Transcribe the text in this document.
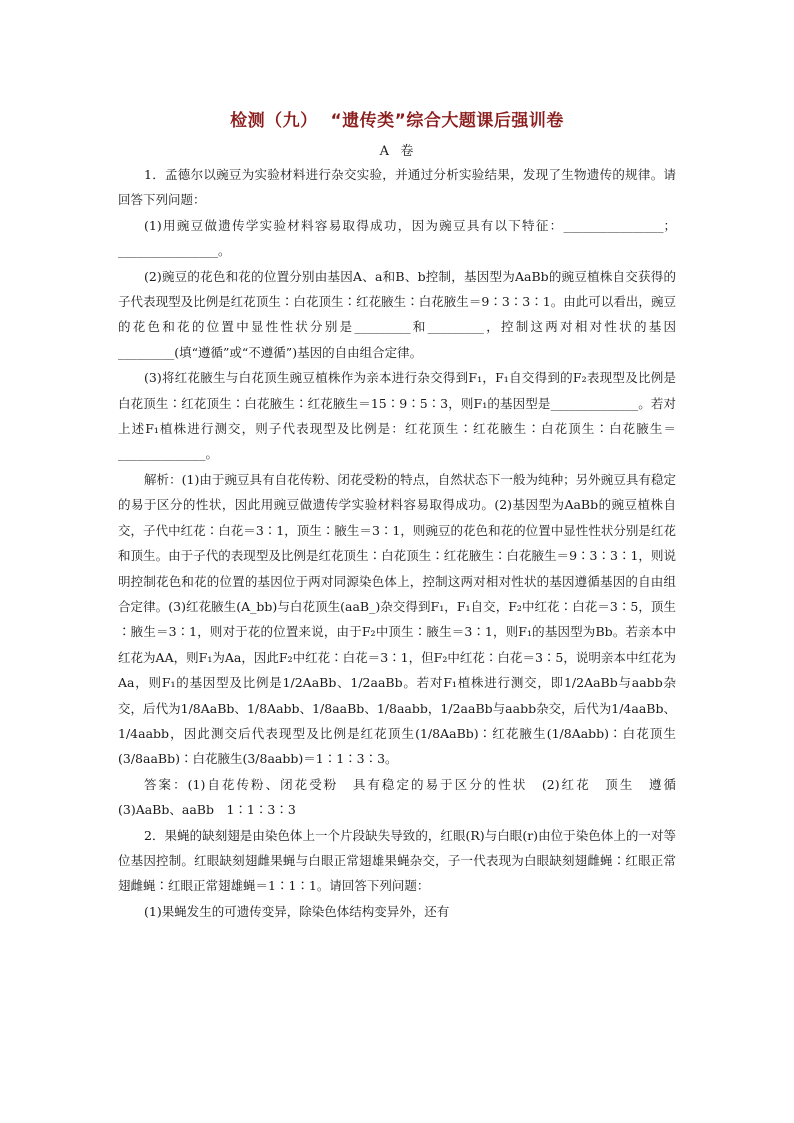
检测（九）  “遗传类”综合大题课后强训卷
A  卷

1．孟德尔以豌豆为实验材料进行杂交实验，并通过分析实验结果，发现了生物遗传的规律。请回答下列问题：

(1)用豌豆做遗传学实验材料容易取得成功，因为豌豆具有以下特征：________________；________________。

(2)豌豆的花色和花的位置分别由基因A、a和B、b控制，基因型为AaBb的豌豆植株自交获得的子代表现型及比例是红花顶生∶白花顶生∶红花腋生∶白花腋生＝9∶3∶3∶1。由此可以看出，豌豆的花色和花的位置中显性性状分别是_________和_________，控制这两对相对性状的基因_________(填“遵循”或“不遵循”)基因的自由组合定律。

(3)将红花腋生与白花顶生豌豆植株作为亲本进行杂交得到F₁，F₁自交得到的F₂表现型及比例是白花顶生∶红花顶生∶白花腋生∶红花腋生＝15∶9∶5∶3，则F₁的基因型是______________。若对上述F₁植株进行测交，则子代表现型及比例是：红花顶生∶红花腋生∶白花顶生∶白花腋生＝______________。

解析：(1)由于豌豆具有自花传粉、闭花受粉的特点，自然状态下一般为纯种；另外豌豆具有稳定的易于区分的性状，因此用豌豆做遗传学实验材料容易取得成功。(2)基因型为AaBb的豌豆植株自交，子代中红花∶白花＝3∶1，顶生∶腋生＝3∶1，则豌豆的花色和花的位置中显性性状分别是红花和顶生。由于子代的表现型及比例是红花顶生∶白花顶生∶红花腋生∶白花腋生＝9∶3∶3∶1，则说明控制花色和花的位置的基因位于两对同源染色体上，控制这两对相对性状的基因遵循基因的自由组合定律。(3)红花腋生(A_bb)与白花顶生(aaB_)杂交得到F₁，F₁自交，F₂中红花∶白花＝3∶5，顶生∶腋生＝3∶1，则对于花的位置来说，由于F₂中顶生∶腋生＝3∶1，则F₁的基因型为Bb。若亲本中红花为AA，则F₁为Aa，因此F₂中红花∶白花＝3∶1，但F₂中红花∶白花＝3∶5，说明亲本中红花为Aa，则F₁的基因型及比例是1/2AaBb、1/2aaBb。若对F₁植株进行测交，即1/2AaBb与aabb杂交，后代为1/8AaBb、1/8Aabb、1/8aaBb、1/8aabb，1/2aaBb与aabb杂交，后代为1/4aaBb、1/4aabb，因此测交后代表现型及比例是红花顶生(1/8AaBb)∶红花腋生(1/8Aabb)∶白花顶生(3/8aaBb)∶白花腋生(3/8aabb)＝1∶1∶3∶3。

答案：(1)自花传粉、闭花受粉　具有稳定的易于区分的性状　(2)红花　顶生　遵循　(3)AaBb、aaBb　1∶1∶3∶3

2．果蝇的缺刻翅是由染色体上一个片段缺失导致的，红眼(R)与白眼(r)由位于染色体上的一对等位基因控制。红眼缺刻翅雌果蝇与白眼正常翅雄果蝇杂交，子一代表现为白眼缺刻翅雌蝇∶红眼正常翅雌蝇∶红眼正常翅雄蝇＝1∶1∶1。请回答下列问题：

(1)果蝇发生的可遗传变异，除染色体结构变异外，还有
